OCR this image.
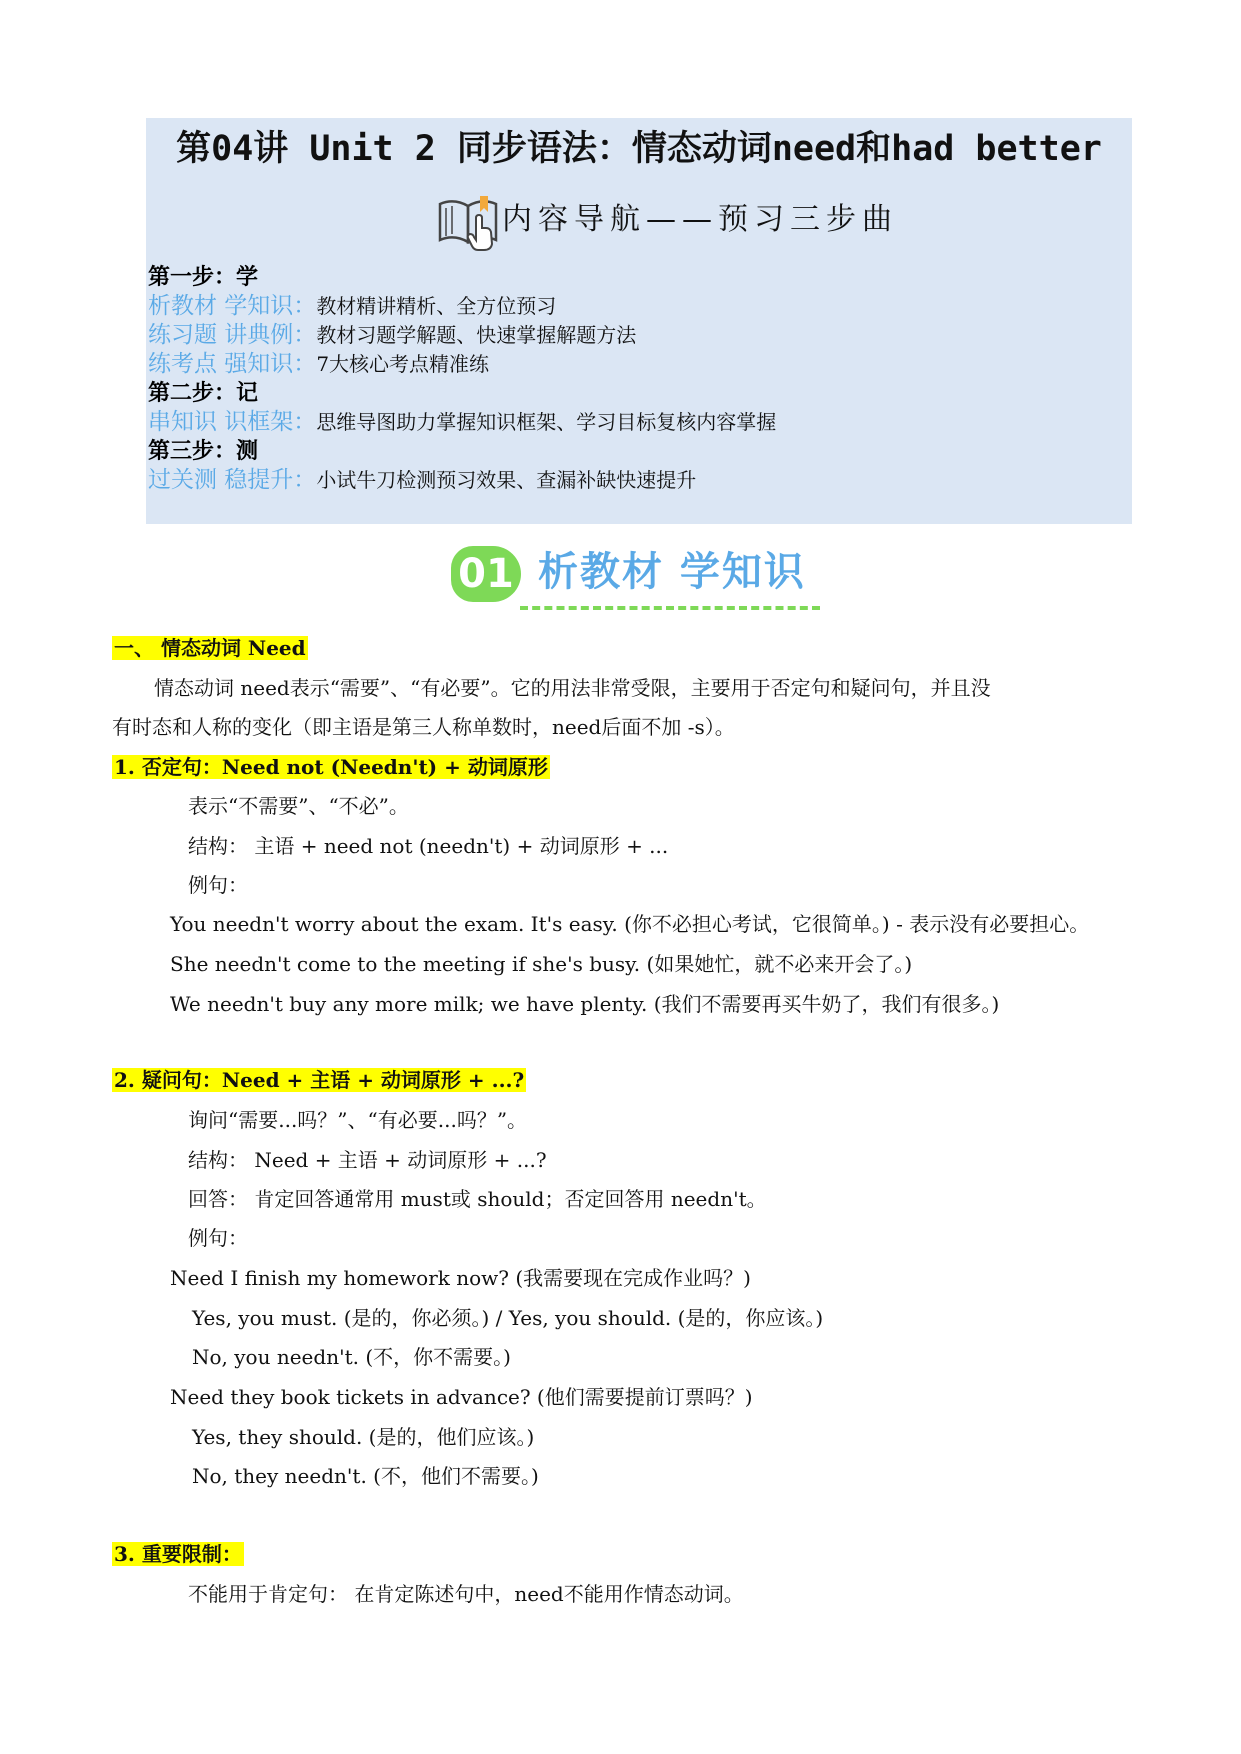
第04讲 Unit 2 同步语法：情态动词need和had better
内容导航——预习三步曲
第一步：学
析教材 学知识：教材精讲精析、全方位预习
练习题 讲典例：教材习题学解题、快速掌握解题方法
练考点 强知识：7大核心考点精准练
第二步：记
串知识 识框架：思维导图助力掌握知识框架、学习目标复核内容掌握
第三步：测
过关测 稳提升：小试牛刀检测预习效果、查漏补缺快速提升
01 析教材 学知识
一、 情态动词 Need
情态动词 need表示“需要”、“有必要”。它的用法非常受限，主要用于否定句和疑问句，并且没
有时态和人称的变化（即主语是第三人称单数时，need后面不加 -s）。
1. 否定句：Need not (Needn't) + 动词原形
表示“不需要”、“不必”。
结构： 主语 + need not (needn't) + 动词原形 + ...
例句：
You needn't worry about the exam. It's easy. (你不必担心考试，它很简单。) - 表示没有必要担心。
She needn't come to the meeting if she's busy. (如果她忙，就不必来开会了。)
We needn't buy any more milk; we have plenty. (我们不需要再买牛奶了，我们有很多。)
2. 疑问句：Need + 主语 + 动词原形 + ...?
询问“需要...吗？”、“有必要...吗？”。
结构： Need + 主语 + 动词原形 + ...?
回答： 肯定回答通常用 must或 should；否定回答用 needn't。
例句：
Need I finish my homework now? (我需要现在完成作业吗？)
Yes, you must. (是的，你必须。) / Yes, you should. (是的，你应该。)
No, you needn't. (不，你不需要。)
Need they book tickets in advance? (他们需要提前订票吗？)
Yes, they should. (是的，他们应该。)
No, they needn't. (不，他们不需要。)
3. 重要限制：
不能用于肯定句： 在肯定陈述句中，need不能用作情态动词。
